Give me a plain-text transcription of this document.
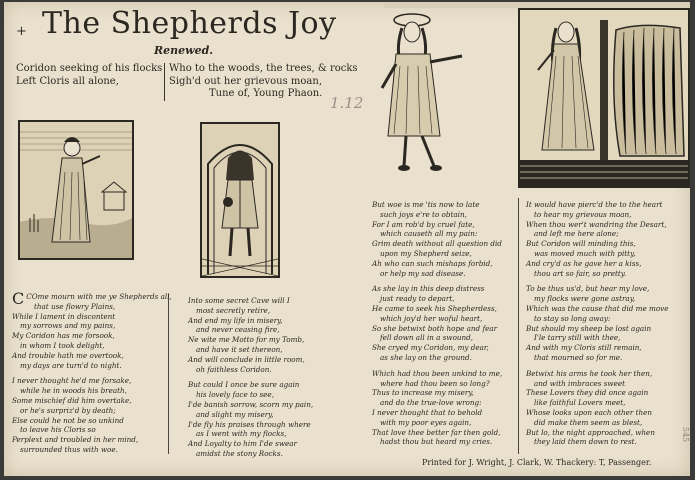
+ The Shepherds Joy
Renewed.
Coridon seeking of his flocks
Left Cloris all alone,
Who to the woods, the trees, & rocks
Sigh'd out her grievous moan,
Tune of, Young Phaon.
1.12
C COme mourn with me ye Shepherds all,
that use flowry Plains,
While I lament in discontent
my sorrows and my pains,
My Coridon has me forsook,
in whom I took delight,
And trouble hath me overtook,
my days are turn'd to night.
I never thought he'd me forsake,
while he in woods his breath,
Some mischief did him overtake,
or he's surpriz'd by death;
Else could he not be so unkind
to leave his Cloris so
Perplext and troubled in her mind,
surrounded thus with woe.
Into some secret Cave will I
most secretly retire,
And end my life in misery,
and never ceasing fire,
Ne wite me Motto for my Tomb,
and have it set thereon,
And will conclude in little room,
oh faithless Coridon.
But could I once be sure again
his lovely face to see,
I'de banish sorrow, scorn my pain,
and slight my misery,
I'de fly his praises through where
as I went with my flocks,
And Loyalty to him I'de swear
amidst the stony Rocks.
But woe is me 'tis now to late
such joys e're to obtain,
For I am rob'd by cruel fate,
which causeth all my pain:
Grim death without all question did
upon my Shepherd seize,
Ah who can such mishaps forbid,
or help my sad disease.
As she lay in this deep distress
just ready to depart,
He came to seek his Shepherdess,
which joy'd her woful heart,
So she betwixt both hope and fear
fell down all in a swound,
She cryed my Coridon, my dear,
as she lay on the ground.
Which had thou been unkind to me,
where had thou been so long?
Thus to increase my misery,
and do the true-love wrong:
I never thought that to behold
with my poor eyes again,
That love thee better far then gold,
hadst thou but heard my cries.
It would have pierc'd the to the heart
to hear my grievous moan,
When thou wer't wandring the Desart,
and left me here alone;
But Coridon will minding this,
was moved much with pitty,
And cry'd as he gave her a kiss,
thou art so fair, so pretty.
To be thus us'd, but hear my love,
my flocks were gone astray,
Which was the cause that did me move
to stay so long away:
But should my sheep be lost again
I'le tarry still with thee,
And with my Cloris still remain,
that mourned so for me.
Betwixt his arms he took her then,
and with imbraces sweet
These Lovers they did once again
like faithful Lovers meet,
Whose looks upon each other then
did make them seem as blest,
But lo, the night approached, when
they laid them down to rest.
Printed for J. Wright, J. Clark, W. Thackery: T, Passenger.
545
